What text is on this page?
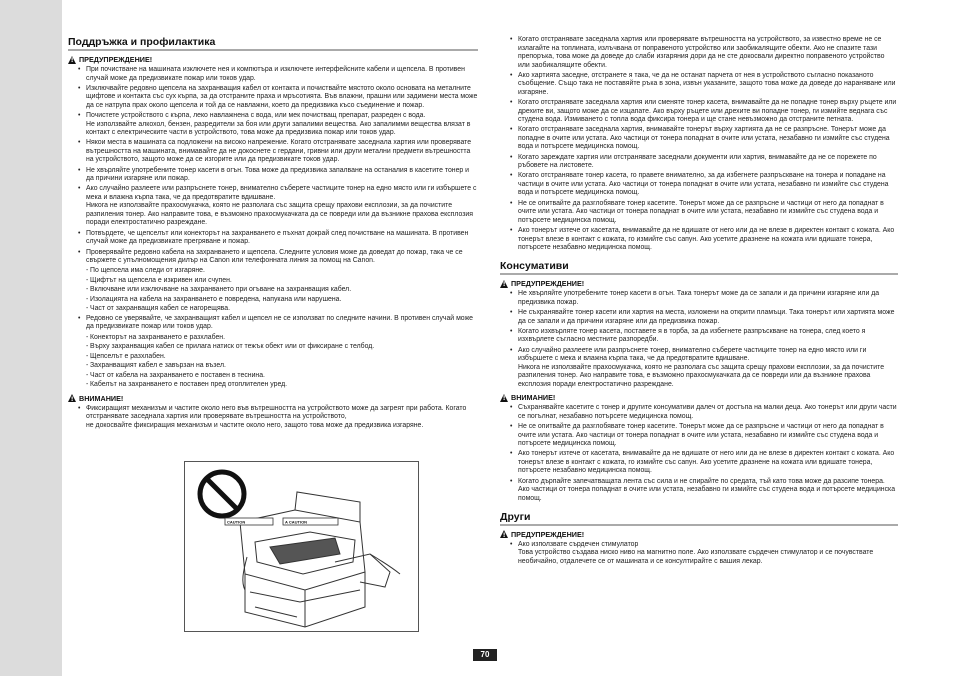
Поддръжка и профилактика
!
ПРЕДУПРЕЖДЕНИЕ!
• При почистване на машината изключете нея и компютъра и изключете интерфейсните кабели и щепсела. В противен случай може да предизвикате пожар или токов удар.
• Изключвайте редовно щепсела на захранващия кабел от контакта и почиствайте мястото около основата на металните щифтове и контакта със сух кърпа, за да отстраните праха и мръсотията. Във влажни, прашни или задимени места може да се натрупа прах около щепсела и той да се навлажни, което да предизвика късо съединение и пожар.
• Почистете устройството с кърпа, леко навлажнена с вода, или мек почистващ препарат, разреден с вода.
Не използвайте алкохол, бензен, разредители за боя или други запалими вещества. Ако запалимми вещества влязат в контакт с електрическите части в устройството, това може да предизвика пожар или токов удар.
• Някои места в машината са подложени на високо напрежение. Когато отстранявате заседнала хартия или проверявате вътрешността на машината, внимавайте да не докоснете с гердани, гривни или други метални предмети вътрешността на устройството, защото може да се изгорите или да предизвикате токов удар.
• Не хвърляйте употребените тонер касети в огън. Това може да предизвика запалване на останалия в касетите тонер и да причини изгаряне или пожар.
• Ако случайно разлеете или разпръснете тонер, внимателно съберете частиците тонер на едно място или ги избършете с мека и влажна кърпа така, че да предотвратите вдишване.
Никога не използвайте прахосмукачка, която не разполага със защита срещу прахови експлозии, за да почистите разпиления тонер. Ако направите това, е възможно прахосмукачката да се повреди или да възникне прахова експлозия поради електростатично разреждане.
• Потвърдете, че щепселът или конекторът на захранването е пъхнат докрай след почистване на машината. В противен случай може да предизвикате прегряване и пожар.
• Проверявайте редовно кабела на захранването и щепсела. Следните условия може да доведат до пожар, така че се свържете с упълномощения дилър на Canon или телефонната линия за помощ на Canon.
- По щепсела има следи от изгаряне.
- Щифтът на щепсела е изкривен или счупен.
- Включване или изключване на захранването при огъване на захранващия кабел.
- Изолацията на кабела на захранването е повредена, напукана или нарушена.
- Част от захранващия кабел се нагорещява.
• Редовно се уверявайте, че захранващият кабел и щепсел не се използват по следните начини. В противен случай може да предизвикате пожар или токов удар.
- Конекторът на захранването е разхлабен.
- Върху захранващия кабел се прилага натиск от тежък обект или от фиксиране с телбод.
- Щепселът е разхлабен.
- Захранващият кабел е завързан на възел.
- Част от кабела на захранването е поставен в теснина.
- Кабелът на захранването е поставен пред отоплителен уред.
!
ВНИМАНИЕ!
• Фиксиращият механизъм и частите около него във вътрешността на устройството може да загреят при работа. Когато отстранявате заседнала хартия или проверявате вътрешността на устройството,
не докосвайте фиксиращия механизъм и частите около него, защото това може да предизвика изгаряне.
CAUTION	A CAUTION
• Когато отстранявате заседнала хартия или проверявате вътрешността на устройството, за известно време не се излагайте на топлината, излъчвана от поправеното устройство или заобикалящите обекти. Ако не спазите тази препоръка, това може да доведе до слаби изгаряния дори да не сте докосвали директно поправеното устройство или заобикалящите обекти.
• Ако хартията заседне, отстранете я така, че да не останат парчета от нея в устройството съгласно показаното съобщение. Също така не поставяйте ръка в зона, извън указаните, защото това може да доведе до нараняване или изгаряне.
• Когато отстранявате заседнала хартия или сменяте тонер касета, внимавайте да не попадне тонер върху ръцете или дрехите ви, защото може да се изцапате. Ако върху ръцете или дрехите ви попадне тонер, ги измийте веднага със студена вода. Измиването с топла вода фиксира тонера и ще стане невъзможно да отстраните петната.
• Когато отстранявате заседнала хартия, внимавайте тонерът върху хартията да не се разпръсне. Тонерът може да попадне в очите или устата. Ако частици от тонера попаднат в очите или устата, незабавно ги измийте със студена вода и потърсете медицинска помощ.
• Когато зареждате хартия или отстранявате заседнали документи или хартия, внимавайте да не се порежете по ръбовете на листовете.
• Когато отстранявате тонер касета, го правете внимателно, за да избегнете разпръскване на тонера и попадане на частици в очите или устата. Ако частици от тонера попаднат в очите или устата, незабавно ги измийте със студена вода и потърсете медицинска помощ.
• Не се опитвайте да разглобявате тонер касетите. Тонерът може да се разпръсне и частици от него да попаднат в очите или устата. Ако частици от тонера попаднат в очите или устата, незабавно ги измийте със студена вода и потърсете медицинска помощ.
• Ако тонерът изтече от касетата, внимавайте да не вдишате от него или да не влезе в директен контакт с кожата. Ако тонерът влезе в контакт с кожата, го измийте със сапун. Ако усетите дразнене на кожата или вдишате тонера, потърсете незабавно медицинска помощ.
Консумативи
!
ПРЕДУПРЕЖДЕНИЕ!
• Не хвърляйте употребените тонер касети в огън. Така тонерът може да се запали и да причини изгаряне или да предизвика пожар.
• Не съхранявайте тонер касети или хартия на места, изложени на открити пламъци. Така тонерът или хартията може да се запали и да причини изгаряне или да предизвика пожар.
• Когато изхвърляте тонер касета, поставете я в торба, за да избегнете разпръскване на тонера, след което я изхвърлете съгласно местните разпоредби.
• Ако случайно разлеете или разпръснете тонер, внимателно съберете частиците тонер на едно място или ги избършете с мека и влажна кърпа така, че да предотвратите вдишване.
Никога не използвайте прахосмукачка, която не разполага със защита срещу прахови експлозии, за да почистите разпиления тонер. Ако направите това, е възможно прахосмукачката да се повреди или да възникне прахова експлозия поради електростатично разреждане.
!
ВНИМАНИЕ!
• Съхранявайте касетите с тонер и другите консумативи далеч от достъпа на малки деца. Ако тонерът или други части се погълнат, незабавно потърсете медицинска помощ.
• Не се опитвайте да разглобявате тонер касетите. Тонерът може да се разпръсне и частици от него да попаднат в очите или устата. Ако частици от тонера попаднат в очите или устата, незабавно ги измийте със студена вода и потърсете медицинска помощ.
• Ако тонерът изтече от касетата, внимавайте да не вдишате от него или да не влезе в директен контакт с кожата. Ако тонерът влезе в контакт с кожата, го измийте със сапун. Ако усетите дразнене на кожата или вдишате тонера, потърсете незабавно медицинска помощ.
• Когато дърпайте запечатващата лента със сила и не спирайте по средата, тъй като това може да разсипе тонера. Ако частици от тонера попаднат в очите или устата, незабавно ги измийте със студена вода и потърсете медицинска помощ.
Други
!
ПРЕДУПРЕЖДЕНИЕ!
• Ако използвате сърдечен стимулатор
Това устройство създава ниско ниво на магнитно поле. Ако използвате сърдечен стимулатор и се почувствате необичайно, отдалечете се от машината и се консултирайте с вашия лекар.
70
